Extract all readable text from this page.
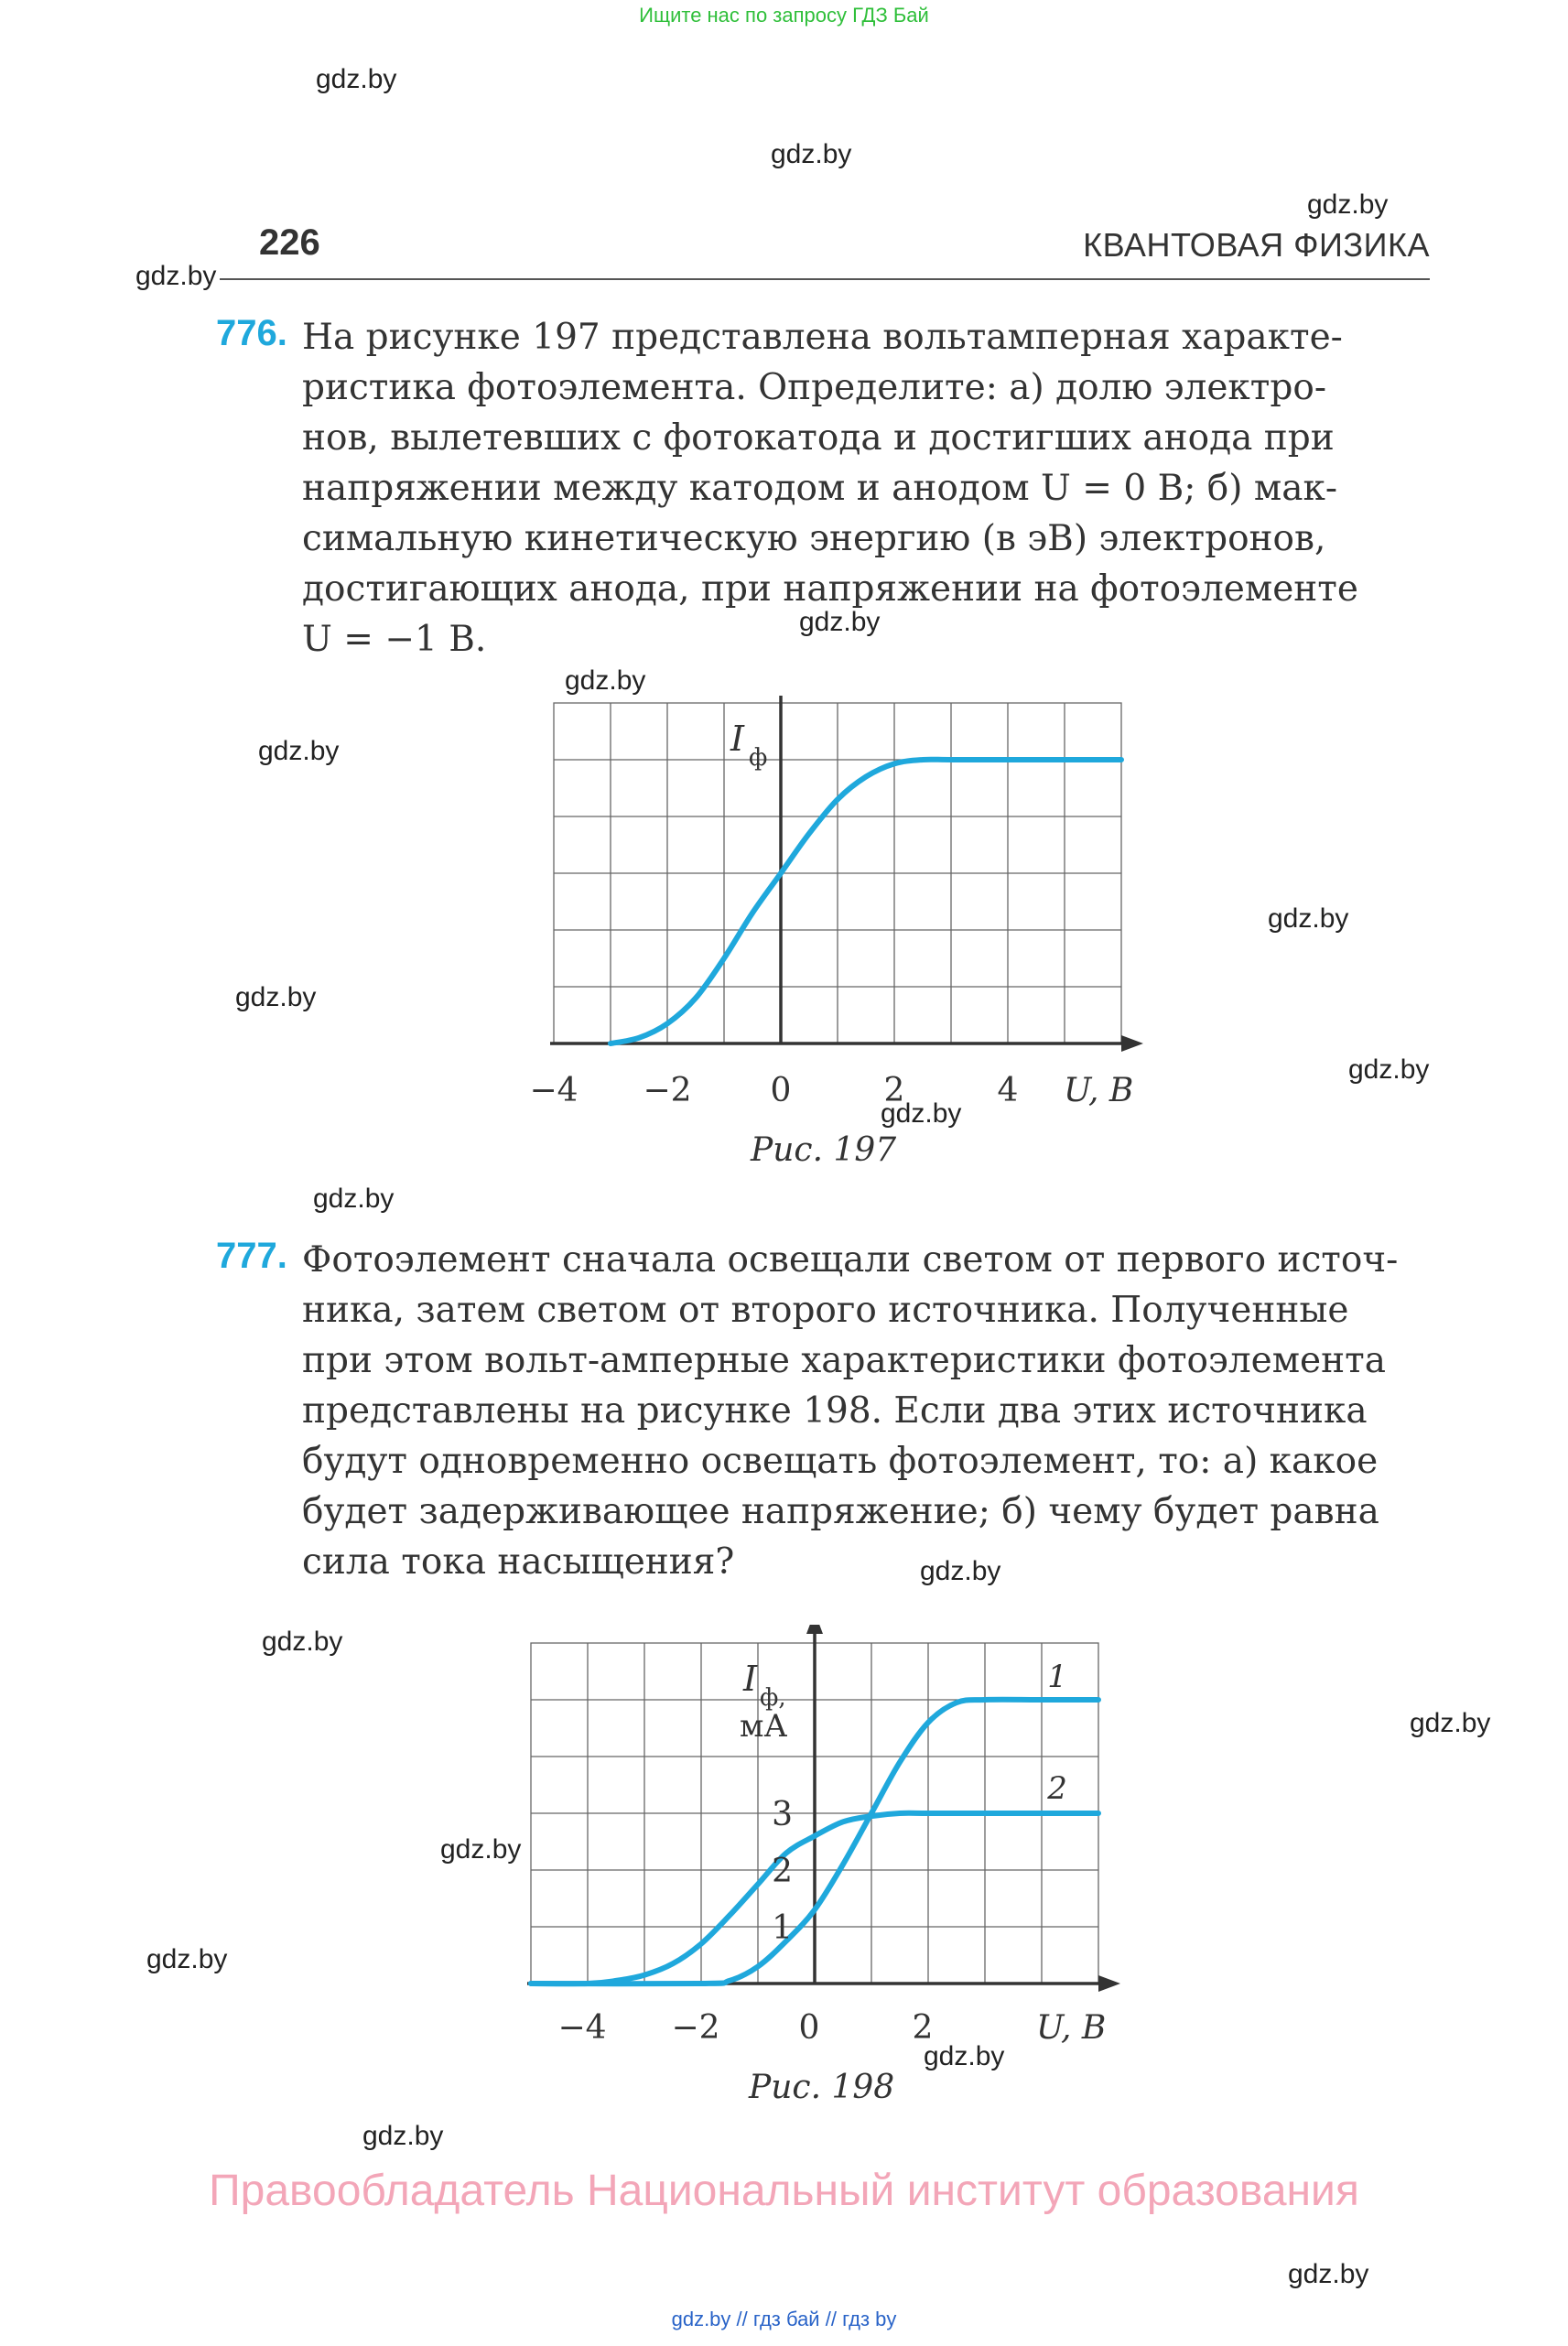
Ищите нас по запросу ГДЗ Бай
gdz.by
gdz.by
gdz.by
gdz.by
gdz.by
gdz.by
gdz.by
gdz.by
gdz.by
gdz.by
gdz.by
gdz.by
gdz.by
gdz.by
gdz.by
gdz.by
gdz.by
gdz.by
gdz.by
gdz.by
226	КВАНТОВАЯ ФИЗИКА
776. На рисунке 197 представлена вольтамперная характе-
ристика фотоэлемента. Определите: а) долю электро-
нов, вылетевших с фотокатода и достигших анода при
напряжении между катодом и анодом U = 0 В; б) мак-
симальную кинетическую энергию (в эВ) электронов,
достигающих анода, при напряжении на фотоэлементе
U = −1 В.
−4 −2 0	2	4
I ф
U, В
Рис. 197
777. Фотоэлемент сначала освещали светом от первого источ-
ника, затем светом от второго источника. Полученные
при этом вольт-амперные характеристики фотоэлемента
представлены на рисунке 198. Если два этих источника
будут одновременно освещать фотоэлемент, то: а) какое
будет задерживающее напряжение; б) чему будет равна
сила тока насыщения?
−4 −2 0	2
1
2
3
I ф,
мА
U, В
1
2
Рис. 198
Правообладатель Национальный институт образования
gdz.by // гдз бай // гдз by
